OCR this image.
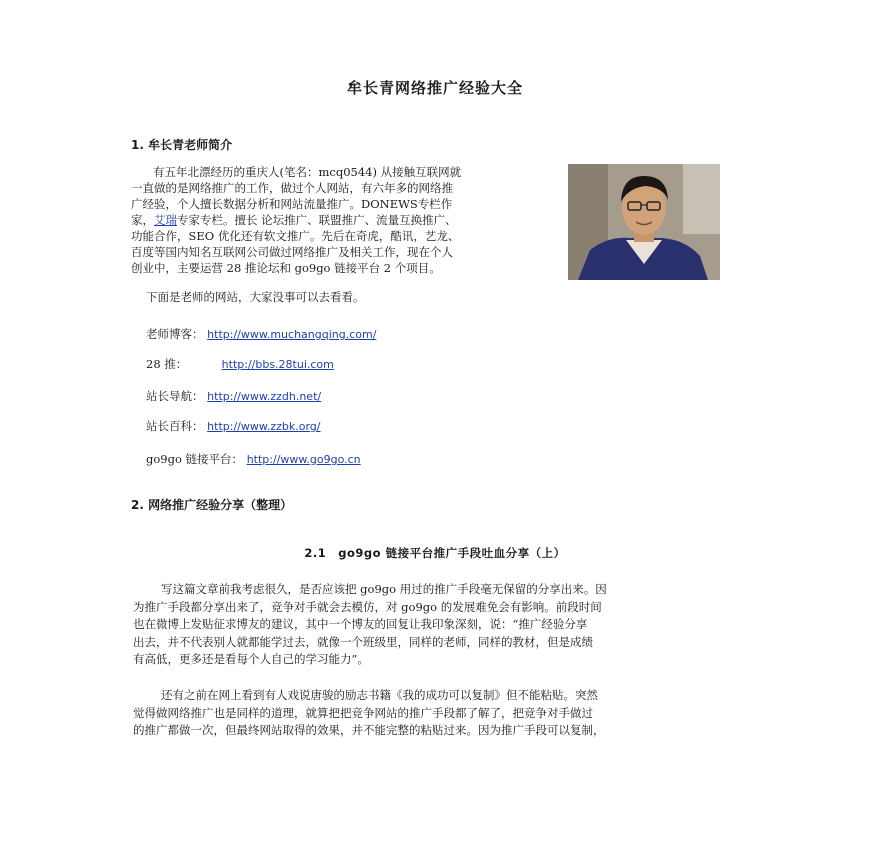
牟长青网络推广经验大全
1. 牟长青老师简介
有五年北漂经历的重庆人(笔名：mcq0544) 从接触互联网就
一直做的是网络推广的工作，做过个人网站，有六年多的网络推
广经验，个人擅长数据分析和网站流量推广。DONEWS专栏作
家，艾瑞专家专栏。擅长 论坛推广、联盟推广、流量互换推广、
功能合作，SEO 优化还有软文推广。先后在奇虎，酷讯，艺龙、
百度等国内知名互联网公司做过网络推广及相关工作，现在个人
创业中，主要运营 28 推论坛和 go9go 链接平台 2 个项目。
下面是老师的网站，大家没事可以去看看。
老师博客： http://www.muchangqing.com/
28 推：	http://bbs.28tui.com
站长导航： http://www.zzdh.net/
站长百科： http://www.zzbk.org/
go9go 链接平台： http://www.go9go.cn
2. 网络推广经验分享（整理）
2.1　go9go 链接平台推广手段吐血分享（上）
写这篇文章前我考虑很久，是否应该把 go9go 用过的推广手段毫无保留的分享出来。因
为推广手段都分享出来了，竞争对手就会去模仿，对 go9go 的发展难免会有影响。前段时间
也在微博上发贴征求博友的建议，其中一个博友的回复让我印象深刻，说：“推广经验分享
出去，并不代表别人就都能学过去，就像一个班级里，同样的老师，同样的教材，但是成绩
有高低，更多还是看每个人自己的学习能力”。
还有之前在网上看到有人戏说唐骏的励志书籍《我的成功可以复制》但不能粘贴。突然
觉得做网络推广也是同样的道理，就算把把竞争网站的推广手段都了解了，把竞争对手做过
的推广都做一次，但最终网站取得的效果，并不能完整的粘贴过来。因为推广手段可以复制，
